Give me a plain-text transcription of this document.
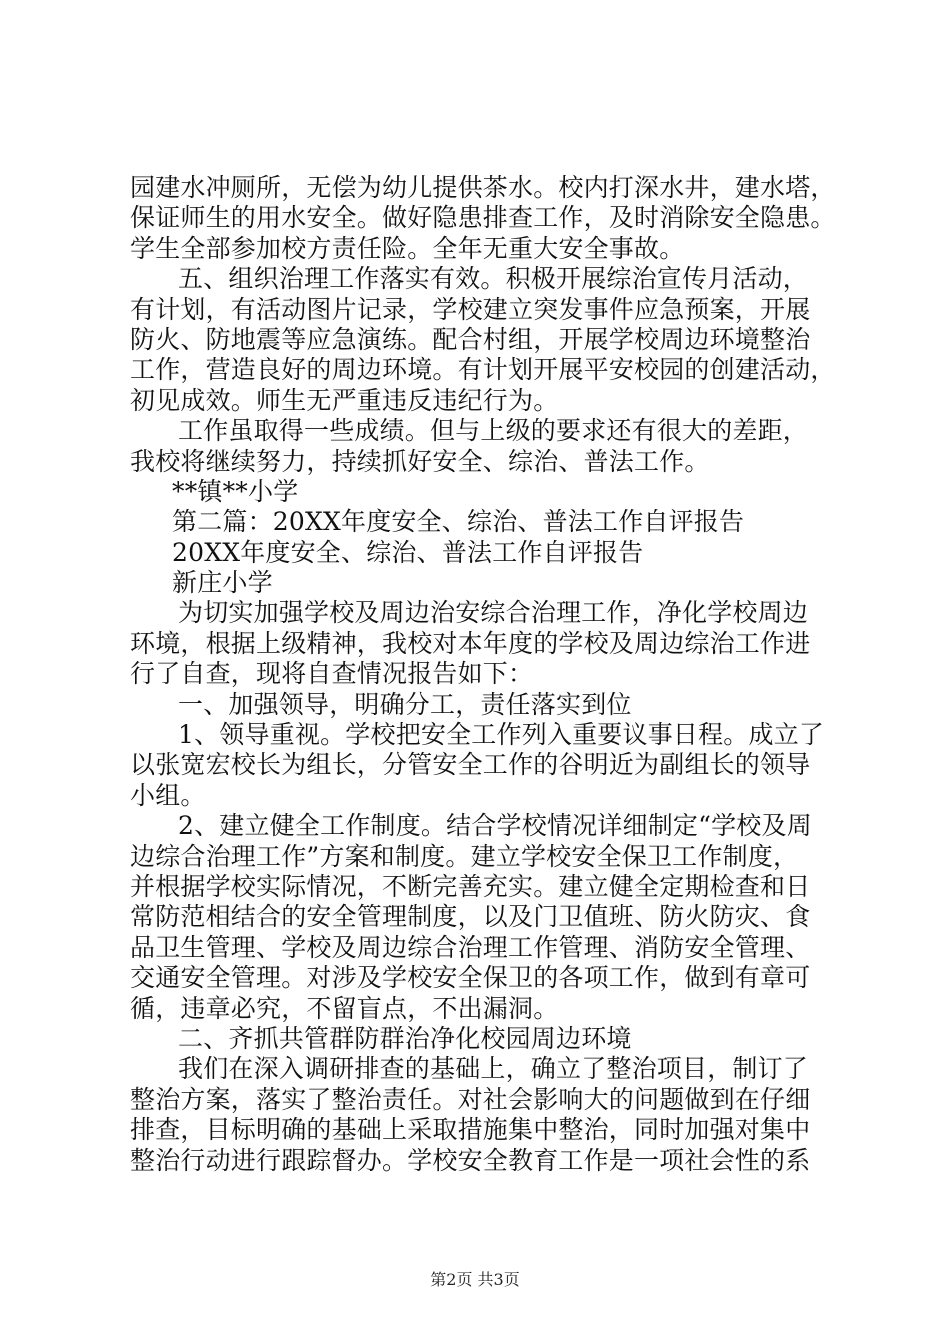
园建水冲厕所，无偿为幼儿提供茶水。校内打深水井，建水塔，
保证师生的用水安全。做好隐患排查工作，及时消除安全隐患。
学生全部参加校方责任险。全年无重大安全事故。
五、组织治理工作落实有效。积极开展综治宣传月活动，
有计划，有活动图片记录，学校建立突发事件应急预案，开展
防火、防地震等应急演练。配合村组，开展学校周边环境整治
工作，营造良好的周边环境。有计划开展平安校园的创建活动，
初见成效。师生无严重违反违纪行为。
工作虽取得一些成绩。但与上级的要求还有很大的差距，
我校将继续努力，持续抓好安全、综治、普法工作。
**镇**小学
第二篇：20XX年度安全、综治、普法工作自评报告
20XX年度安全、综治、普法工作自评报告
新庄小学
为切实加强学校及周边治安综合治理工作，净化学校周边
环境，根据上级精神，我校对本年度的学校及周边综治工作进
行了自查，现将自查情况报告如下：
一、加强领导，明确分工，责任落实到位
1、领导重视。学校把安全工作列入重要议事日程。成立了
以张宽宏校长为组长，分管安全工作的谷明近为副组长的领导
小组。
2、建立健全工作制度。结合学校情况详细制定“学校及周
边综合治理工作”方案和制度。建立学校安全保卫工作制度，
并根据学校实际情况，不断完善充实。建立健全定期检查和日
常防范相结合的安全管理制度，以及门卫值班、防火防灾、食
品卫生管理、学校及周边综合治理工作管理、消防安全管理、
交通安全管理。对涉及学校安全保卫的各项工作，做到有章可
循，违章必究，不留盲点，不出漏洞。
二、齐抓共管群防群治净化校园周边环境
我们在深入调研排查的基础上，确立了整治项目，制订了
整治方案，落实了整治责任。对社会影响大的问题做到在仔细
排查，目标明确的基础上采取措施集中整治，同时加强对集中
整治行动进行跟踪督办。学校安全教育工作是一项社会性的系
第2页 共3页
